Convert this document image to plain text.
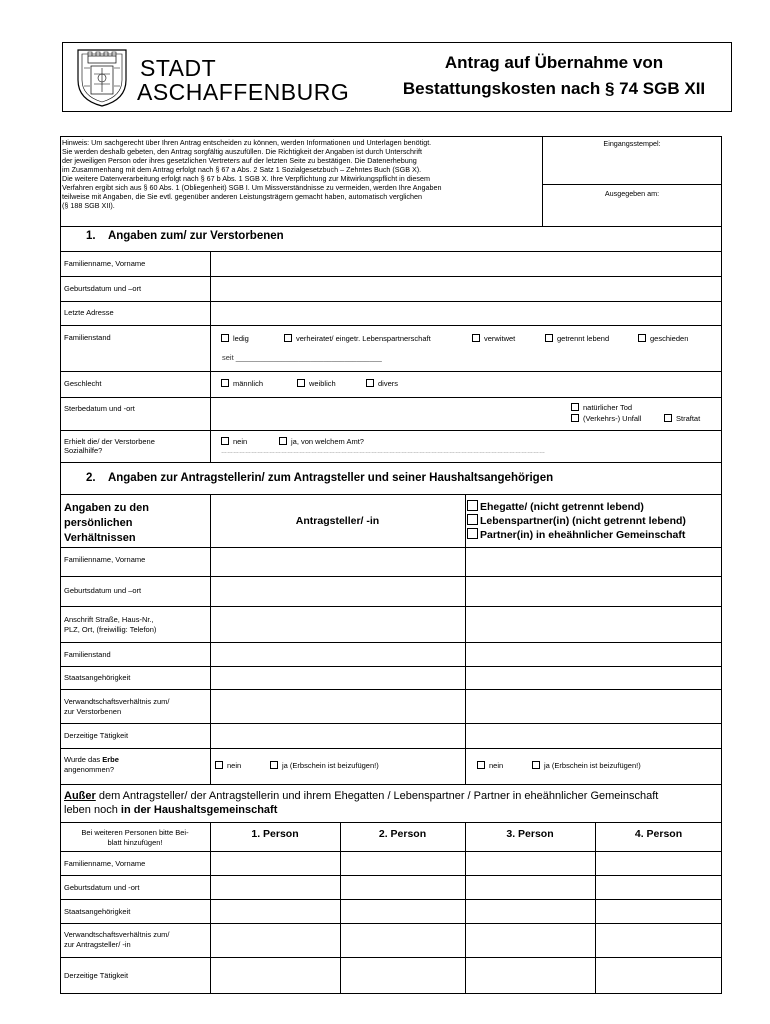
STADT
ASCHAFFENBURG
Antrag auf Übernahme von
Bestattungskosten nach § 74 SGB XII
Hinweis: Um sachgerecht über Ihren Antrag entscheiden zu können, werden Informationen und Unterlagen benötigt.
Sie werden deshalb gebeten, den Antrag sorgfältig auszufüllen. Die Richtigkeit der Angaben ist durch Unterschrift
der jeweiligen Person oder ihres gesetzlichen Vertreters auf der letzten Seite zu bestätigen. Die Datenerhebung
im Zusammenhang mit dem Antrag erfolgt nach § 67 a Abs. 2 Satz 1 Sozialgesetzbuch – Zehntes Buch (SGB X).
Die weitere Datenverarbeitung erfolgt nach § 67 b Abs. 1 SGB X. Ihre Verpflichtung zur Mitwirkungspflicht in diesem
Verfahren ergibt sich aus § 60 Abs. 1 (Obliegenheit) SGB I. Um Missverständnisse zu vermeiden, werden Ihre Angaben
teilweise mit Angaben, die Sie evtl. gegenüber anderen Leistungsträgern gemacht haben, automatisch verglichen
(§ 188 SGB XII).
Eingangsstempel:
Ausgegeben am:
1.    Angaben zum/ zur Verstorbenen
Familienname, Vorname
Geburtsdatum und –ort
Letzte Adresse
Familienstand	ledig	verheiratet/ eingetr. Lebenspartnerschaft	verwitwet	getrennt lebend	geschieden
seit ___________________________________
Geschlecht	männlich	weiblich	divers
Sterbedatum und -ort	natürlicher Tod
(Verkehrs-) Unfall	Straftat
Erhielt die/ der Verstorbene
Sozialhilfe?
nein	ja, von welchem Amt?
………………………………………………………………………………………………………………………………………………
2.    Angaben zur Antragstellerin/ zum Antragsteller und seiner Haushaltsangehörigen
Angaben zu den
persönlichen
Verhältnissen
Antragsteller/ -in
Ehegatte/ (nicht getrennt lebend)
Lebenspartner(in) (nicht getrennt lebend)
Partner(in) in eheähnlicher Gemeinschaft
Familienname, Vorname
Geburtsdatum und –ort
Anschrift Straße, Haus-Nr.,
PLZ, Ort, (freiwillig: Telefon)
Familienstand
Staatsangehörigkeit
Verwandtschaftsverhältnis zum/
zur Verstorbenen
Derzeitige Tätigkeit
Wurde das Erbe
angenommen?	nein	ja (Erbschein ist beizufügen!)	nein	ja (Erbschein ist beizufügen!)
Außer dem Antragsteller/ der Antragstellerin und ihrem Ehegatten / Lebenspartner / Partner in eheähnlicher Gemeinschaft
leben noch in der Haushaltsgemeinschaft
Bei weiteren Personen bitte Bei-
blatt hinzufügen!
1. Person	2. Person	3. Person	4. Person
Familienname, Vorname
Geburtsdatum und -ort
Staatsangehörigkeit
Verwandtschaftsverhältnis zum/
zur Antragsteller/ -in
Derzeitige Tätigkeit
